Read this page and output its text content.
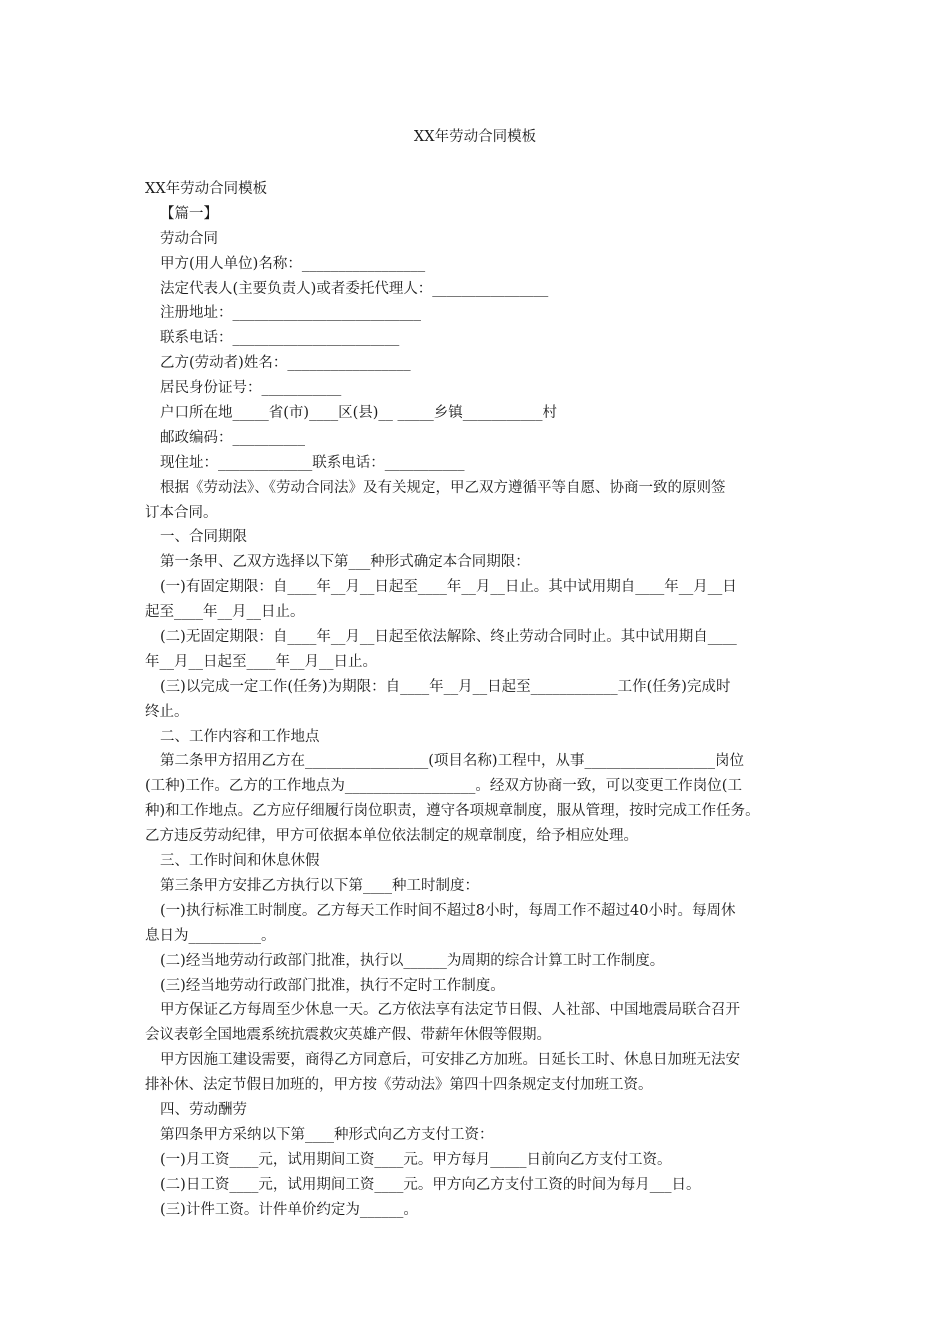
XX年劳动合同模板
XX年劳动合同模板
【篇一】
劳动合同
甲方(用人单位)名称：_________________
法定代表人(主要负责人)或者委托代理人：________________
注册地址：__________________________
联系电话：_______________________
乙方(劳动者)姓名：_________________
居民身份证号：___________
户口所在地_____省(市)____区(县)__ _____乡镇___________村
邮政编码：__________
现住址：_____________联系电话：___________
根据《劳动法》、《劳动合同法》及有关规定，甲乙双方遵循平等自愿、协商一致的原则签
订本合同。
一、合同期限
第一条甲、乙双方选择以下第___种形式确定本合同期限：
(一)有固定期限：自____年__月__日起至____年__月__日止。其中试用期自____年__月__日
起至____年__月__日止。
(二)无固定期限：自____年__月__日起至依法解除、终止劳动合同时止。其中试用期自____
年__月__日起至____年__月__日止。
(三)以完成一定工作(任务)为期限：自____年__月__日起至____________工作(任务)完成时
终止。
二、工作内容和工作地点
第二条甲方招用乙方在_________________(项目名称)工程中，从事__________________岗位
(工种)工作。乙方的工作地点为__________________。经双方协商一致，可以变更工作岗位(工
种)和工作地点。乙方应仔细履行岗位职责，遵守各项规章制度，服从管理，按时完成工作任务。
乙方违反劳动纪律，甲方可依据本单位依法制定的规章制度，给予相应处理。
三、工作时间和休息休假
第三条甲方安排乙方执行以下第____种工时制度：
(一)执行标准工时制度。乙方每天工作时间不超过8小时，每周工作不超过40小时。每周休
息日为__________。
(二)经当地劳动行政部门批准，执行以______为周期的综合计算工时工作制度。
(三)经当地劳动行政部门批准，执行不定时工作制度。
甲方保证乙方每周至少休息一天。乙方依法享有法定节日假、人社部、中国地震局联合召开
会议表彰全国地震系统抗震救灾英雄产假、带薪年休假等假期。
甲方因施工建设需要，商得乙方同意后，可安排乙方加班。日延长工时、休息日加班无法安
排补休、法定节假日加班的，甲方按《劳动法》第四十四条规定支付加班工资。
四、劳动酬劳
第四条甲方采纳以下第____种形式向乙方支付工资：
(一)月工资____元，试用期间工资____元。甲方每月_____日前向乙方支付工资。
(二)日工资____元，试用期间工资____元。甲方向乙方支付工资的时间为每月___日。
(三)计件工资。计件单价约定为______。
